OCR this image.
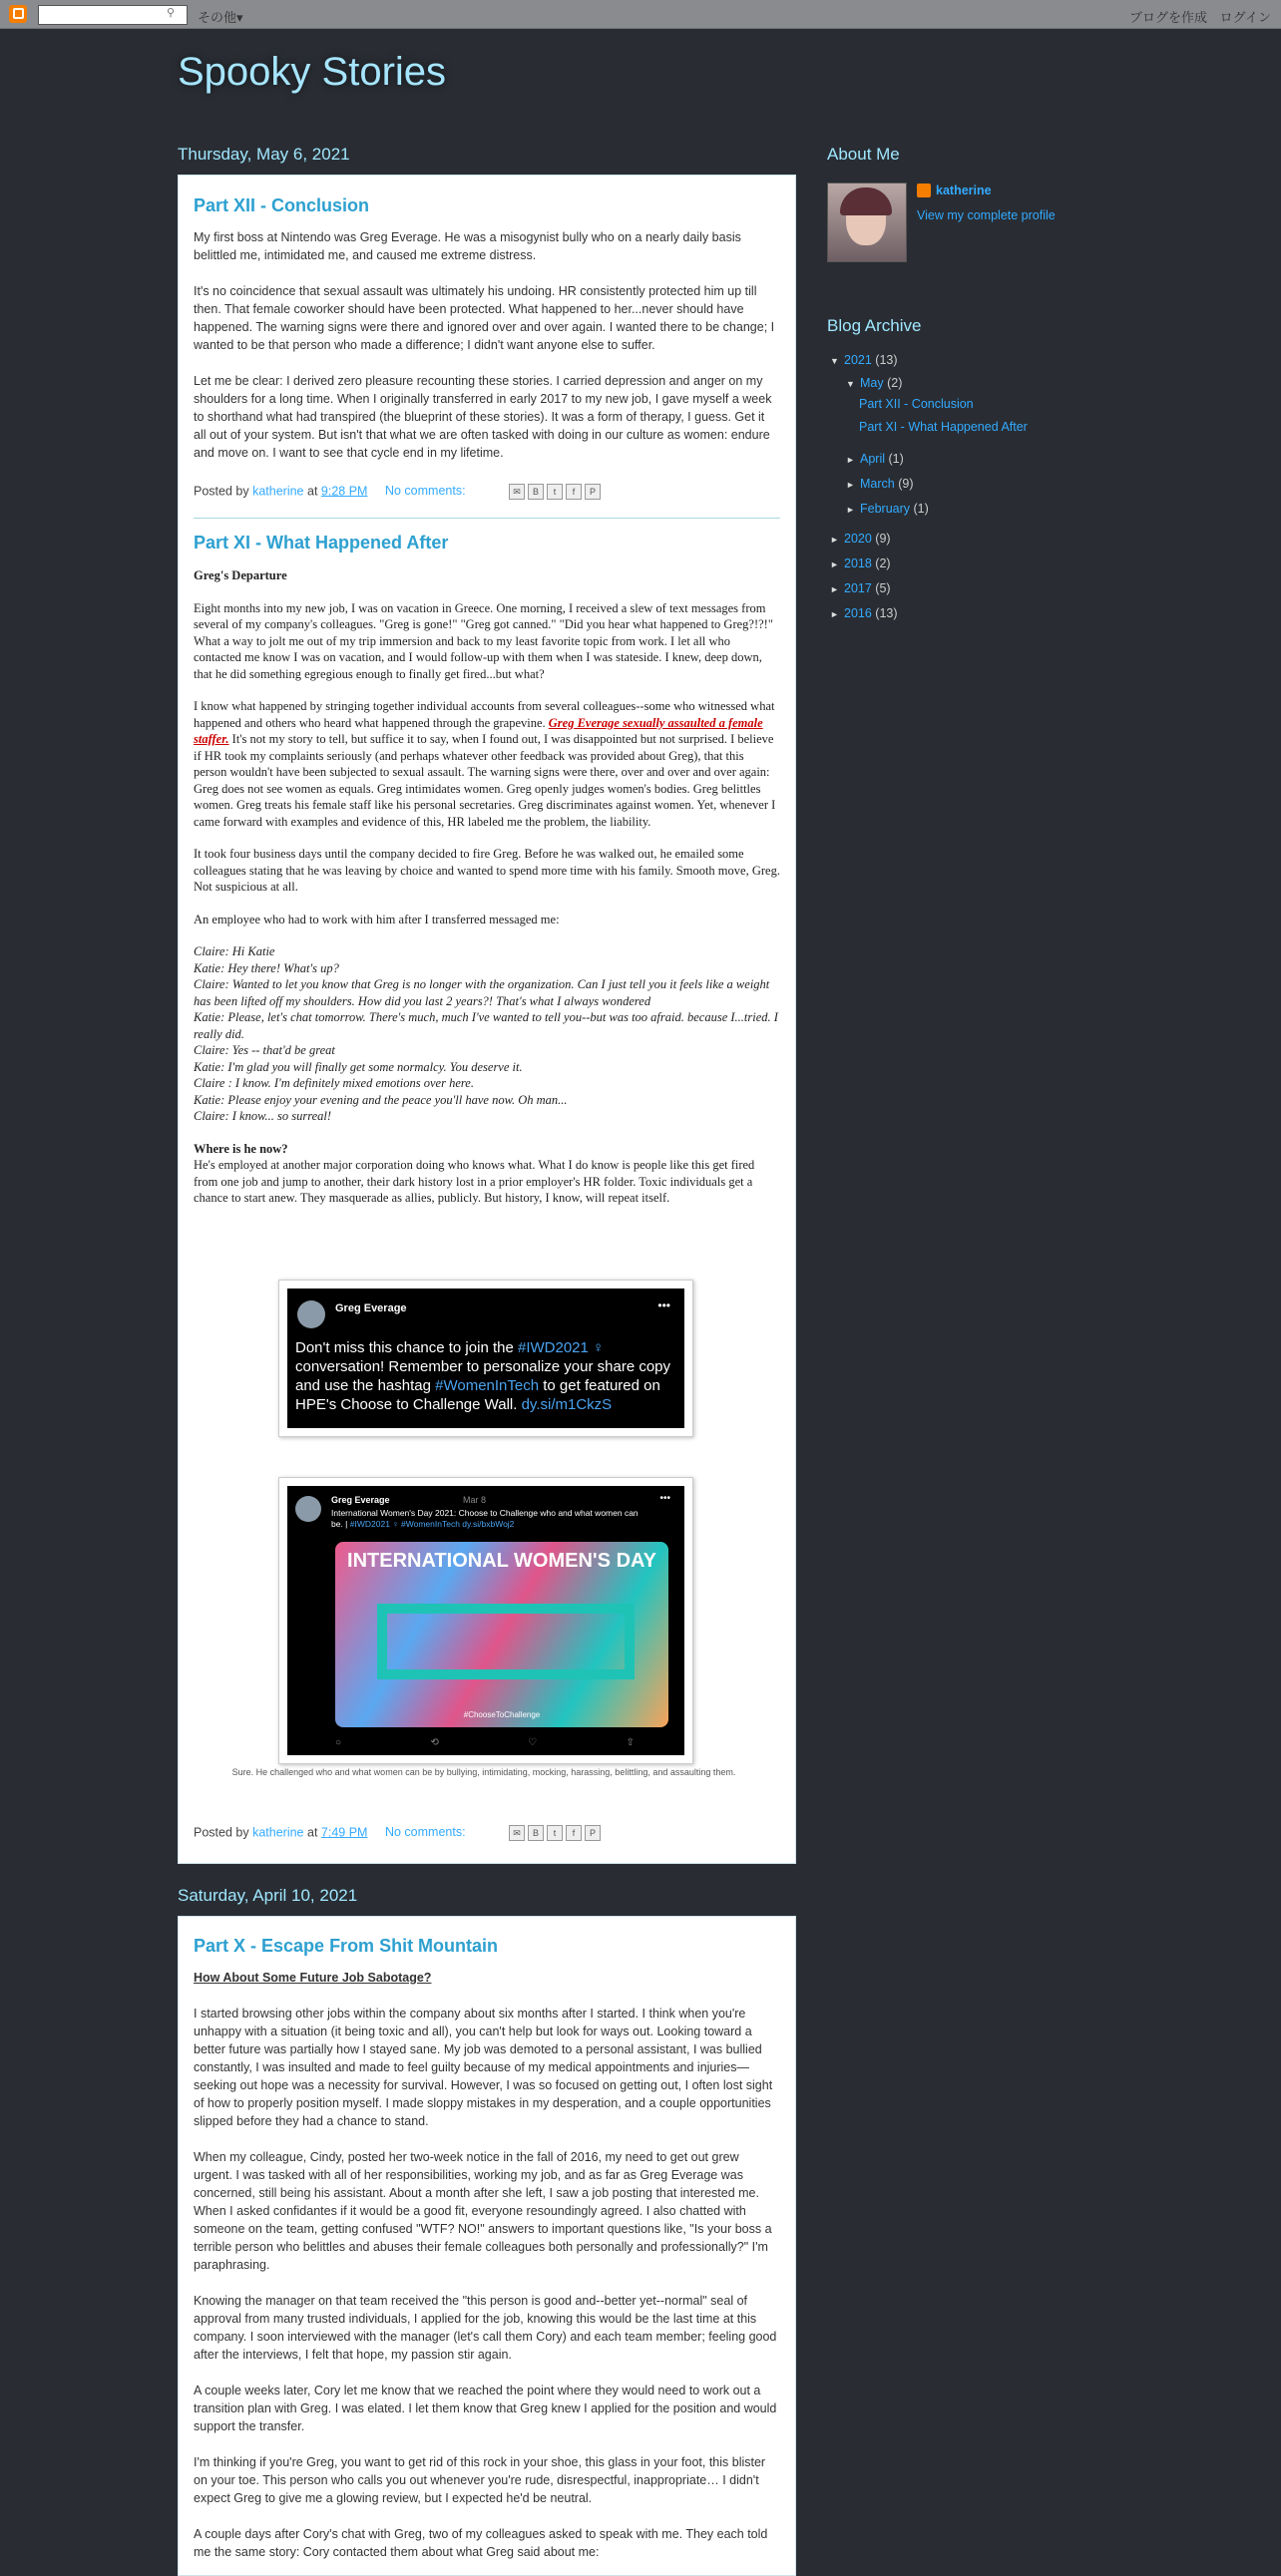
⚲ その他▾	ブログを作成 ログイン
Spooky Stories
Thursday, May 6, 2021
Part XII - Conclusion

My first boss at Nintendo was Greg Everage. He was a misogynist bully who on a nearly daily basis belittled me, intimidated me, and caused me extreme distress.

It's no coincidence that sexual assault was ultimately his undoing. HR consistently protected him up till then. That female coworker should have been protected. What happened to her...never should have happened. The warning signs were there and ignored over and over again. I wanted there to be change; I wanted to be that person who made a difference; I didn't want anyone else to suffer.

Let me be clear: I derived zero pleasure recounting these stories. I carried depression and anger on my shoulders for a long time. When I originally transferred in early 2017 to my new job, I gave myself a week to shorthand what had transpired (the blueprint of these stories). It was a form of therapy, I guess. Get it all out of your system. But isn't that what we are often tasked with doing in our culture as women: endure and move on. I want to see that cycle end in my lifetime.

Posted by katherine at 9:28 PM No comments:	✉ B t f P
Part XI - What Happened After
Greg's Departure

Eight months into my new job, I was on vacation in Greece. One morning, I received a slew of text messages from several of my company's colleagues. "Greg is gone!" "Greg got canned." "Did you hear what happened to Greg?!?!" What a way to jolt me out of my trip immersion and back to my least favorite topic from work. I let all who contacted me know I was on vacation, and I would follow-up with them when I was stateside. I knew, deep down, that he did something egregious enough to finally get fired...but what?

I know what happened by stringing together individual accounts from several colleagues--some who witnessed what happened and others who heard what happened through the grapevine. Greg Everage sexually assaulted a female staffer. It's not my story to tell, but suffice it to say, when I found out, I was disappointed but not surprised. I believe if HR took my complaints seriously (and perhaps whatever other feedback was provided about Greg), that this person wouldn't have been subjected to sexual assault. The warning signs were there, over and over and over again: Greg does not see women as equals. Greg intimidates women. Greg openly judges women's bodies. Greg belittles women. Greg treats his female staff like his personal secretaries. Greg discriminates against women. Yet, whenever I came forward with examples and evidence of this, HR labeled me the problem, the liability.

It took four business days until the company decided to fire Greg. Before he was walked out, he emailed some colleagues stating that he was leaving by choice and wanted to spend more time with his family. Smooth move, Greg. Not suspicious at all.

An employee who had to work with him after I transferred messaged me:

Claire: Hi Katie
Katie: Hey there! What's up?
Claire: Wanted to let you know that Greg is no longer with the organization. Can I just tell you it feels like a weight has been lifted off my shoulders. How did you last 2 years?! That's what I always wondered
Katie: Please, let's chat tomorrow. There's much, much I've wanted to tell you--but was too afraid. because I...tried. I really did.
Claire: Yes -- that'd be great
Katie: I'm glad you will finally get some normalcy. You deserve it.
Claire : I know. I'm definitely mixed emotions over here.
Katie: Please enjoy your evening and the peace you'll have now. Oh man...
Claire: I know... so surreal!
Where is he now?

He's employed at another major corporation doing who knows what. What I do know is people like this get fired from one job and jump to another, their dark history lost in a prior employer's HR folder. Toxic individuals get a chance to start anew. They masquerade as allies, publicly. But history, I know, will repeat itself.

Greg Everage	•••
Don't miss this chance to join the #IWD2021 ♀ conversation! Remember to personalize your share copy and use the hashtag #WomenInTech to get featured on HPE's Choose to Challenge Wall. dy.si/m1CkzS
Greg Everage	Mar 8	•••
International Women's Day 2021: Choose to Challenge who and what women can be. | #IWD2021 ♀ #WomenInTech dy.si/bxbWoj2
INTERNATIONAL WOMEN'S DAY
#ChooseToChallenge
○	⟲	♡	⇧
Sure. He challenged who and what women can be by bullying, intimidating, mocking, harassing, belittling, and assaulting them.
Posted by katherine at 7:49 PM No comments:	✉ B t f P
Saturday, April 10, 2021
Part X - Escape From Shit Mountain
How About Some Future Job Sabotage?

I started browsing other jobs within the company about six months after I started. I think when you're unhappy with a situation (it being toxic and all), you can't help but look for ways out. Looking toward a better future was partially how I stayed sane. My job was demoted to a personal assistant, I was bullied constantly, I was insulted and made to feel guilty because of my medical appointments and injuries—seeking out hope was a necessity for survival. However, I was so focused on getting out, I often lost sight of how to properly position myself. I made sloppy mistakes in my desperation, and a couple opportunities slipped before they had a chance to stand.

When my colleague, Cindy, posted her two-week notice in the fall of 2016, my need to get out grew urgent. I was tasked with all of her responsibilities, working my job, and as far as Greg Everage was concerned, still being his assistant. About a month after she left, I saw a job posting that interested me. When I asked confidantes if it would be a good fit, everyone resoundingly agreed. I also chatted with someone on the team, getting confused "WTF? NO!" answers to important questions like, "Is your boss a terrible person who belittles and abuses their female colleagues both personally and professionally?" I'm paraphrasing.

Knowing the manager on that team received the "this person is good and--better yet--normal" seal of approval from many trusted individuals, I applied for the job, knowing this would be the last time at this company. I soon interviewed with the manager (let's call them Cory) and each team member; feeling good after the interviews, I felt that hope, my passion stir again.

A couple weeks later, Cory let me know that we reached the point where they would need to work out a transition plan with Greg. I was elated. I let them know that Greg knew I applied for the position and would support the transfer.

I'm thinking if you're Greg, you want to get rid of this rock in your shoe, this glass in your foot, this blister on your toe. This person who calls you out whenever you're rude, disrespectful, inappropriate… I didn't expect Greg to give me a glowing review, but I expected he'd be neutral.

A couple days after Cory's chat with Greg, two of my colleagues asked to speak with me. They each told me the same story: Cory contacted them about what Greg said about me:

About Me
katherine
View my complete profile
Blog Archive
▼ 2021 (13)
▼ May (2)
Part XII - Conclusion
Part XI - What Happened After
► April (1)
► March (9)
► February (1)
► 2020 (9)
► 2018 (2)
► 2017 (5)
► 2016 (13)
